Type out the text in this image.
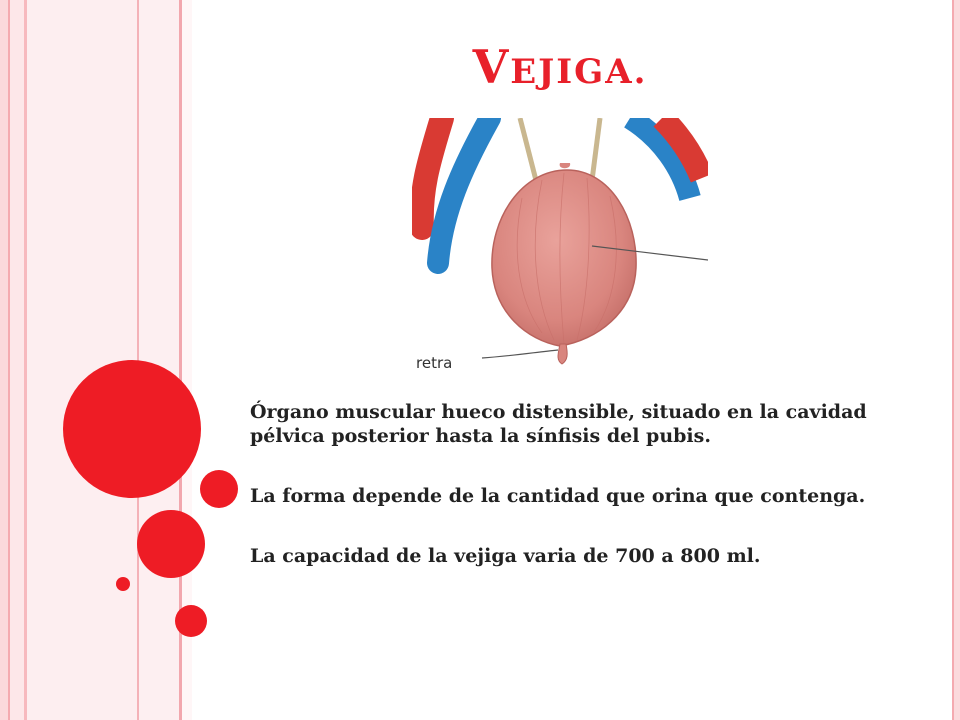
VEJIGA.
retra

Órgano muscular hueco distensible, situado en la cavidad pélvica posterior hasta la sínfisis del pubis.

La forma depende de la cantidad que orina que contenga.

La capacidad de la vejiga varia de 700 a 800 ml.
